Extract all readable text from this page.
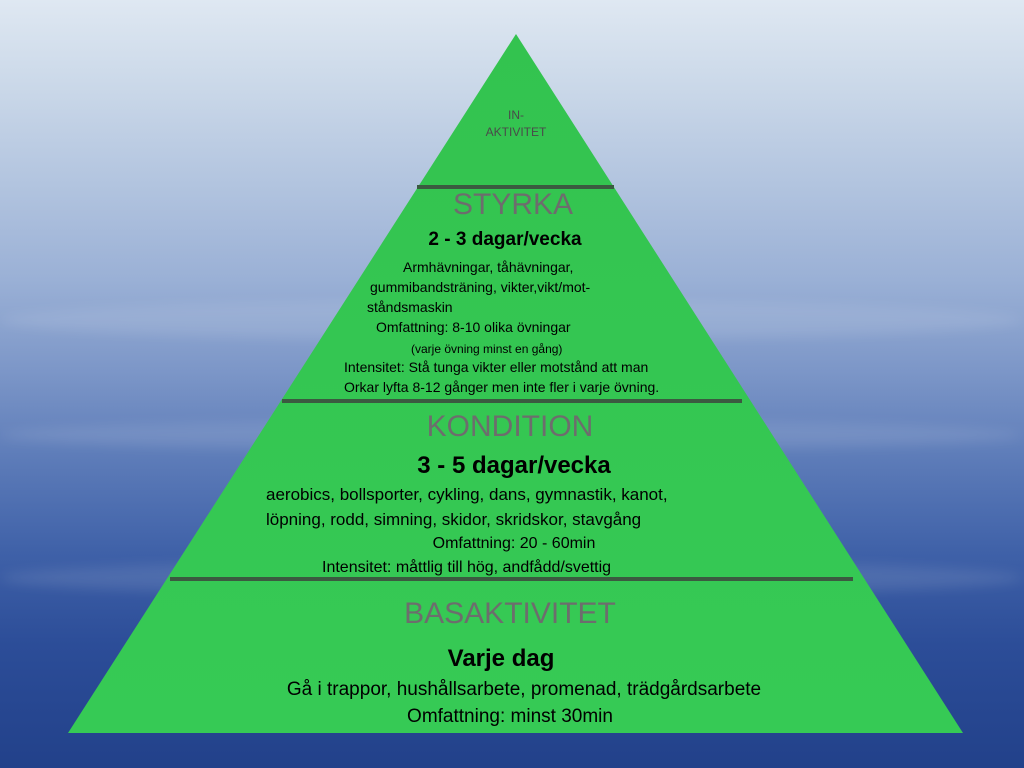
IN-
AKTIVITET
STYRKA
2 - 3 dagar/vecka
Armhävningar, tåhävningar,
gummibandsträning, vikter,vikt/mot-
ståndsmaskin
Omfattning: 8-10 olika övningar
(varje övning minst en gång)
Intensitet: Stå tunga vikter eller motstånd att man
Orkar lyfta 8-12 gånger men inte fler i varje övning.
KONDITION
3 - 5 dagar/vecka
aerobics, bollsporter, cykling, dans, gymnastik, kanot,
löpning, rodd, simning, skidor, skridskor, stavgång
Omfattning: 20 - 60min
Intensitet: måttlig till hög, andfådd/svettig
BASAKTIVITET
Varje dag
Gå i trappor, hushållsarbete, promenad, trädgårdsarbete
Omfattning: minst 30min
